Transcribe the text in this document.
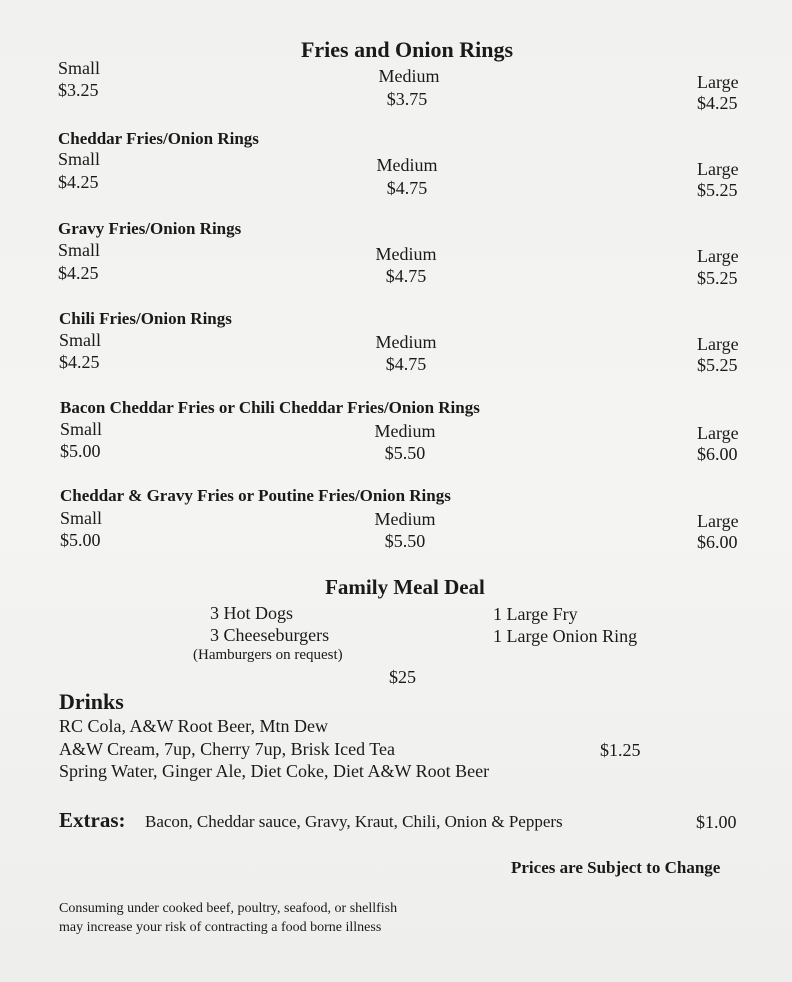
Fries and Onion Rings
Small
$3.25
Medium
$3.75
Large
$4.25
Cheddar Fries/Onion Rings
Small
$4.25
Medium
$4.75
Large
$5.25
Gravy Fries/Onion Rings
Small
$4.25
Medium
$4.75
Large
$5.25
Chili Fries/Onion Rings
Small
$4.25
Medium
$4.75
Large
$5.25
Bacon Cheddar Fries or Chili Cheddar Fries/Onion Rings
Small
$5.00
Medium
$5.50
Large
$6.00
Cheddar & Gravy Fries or Poutine Fries/Onion Rings
Small
$5.00
Medium
$5.50
Large
$6.00
Family Meal Deal
3 Hot Dogs
3 Cheeseburgers
(Hamburgers on request)
1 Large Fry
1 Large Onion Ring
$25
Drinks
RC Cola, A&W Root Beer, Mtn Dew
A&W Cream, 7up, Cherry 7up, Brisk Iced Tea
Spring Water, Ginger Ale, Diet Coke, Diet A&W Root Beer
$1.25
Extras: Bacon, Cheddar sauce, Gravy, Kraut, Chili, Onion & Peppers	$1.00
Prices are Subject to Change
Consuming under cooked beef, poultry, seafood, or shellfish
may increase your risk of contracting a food borne illness
